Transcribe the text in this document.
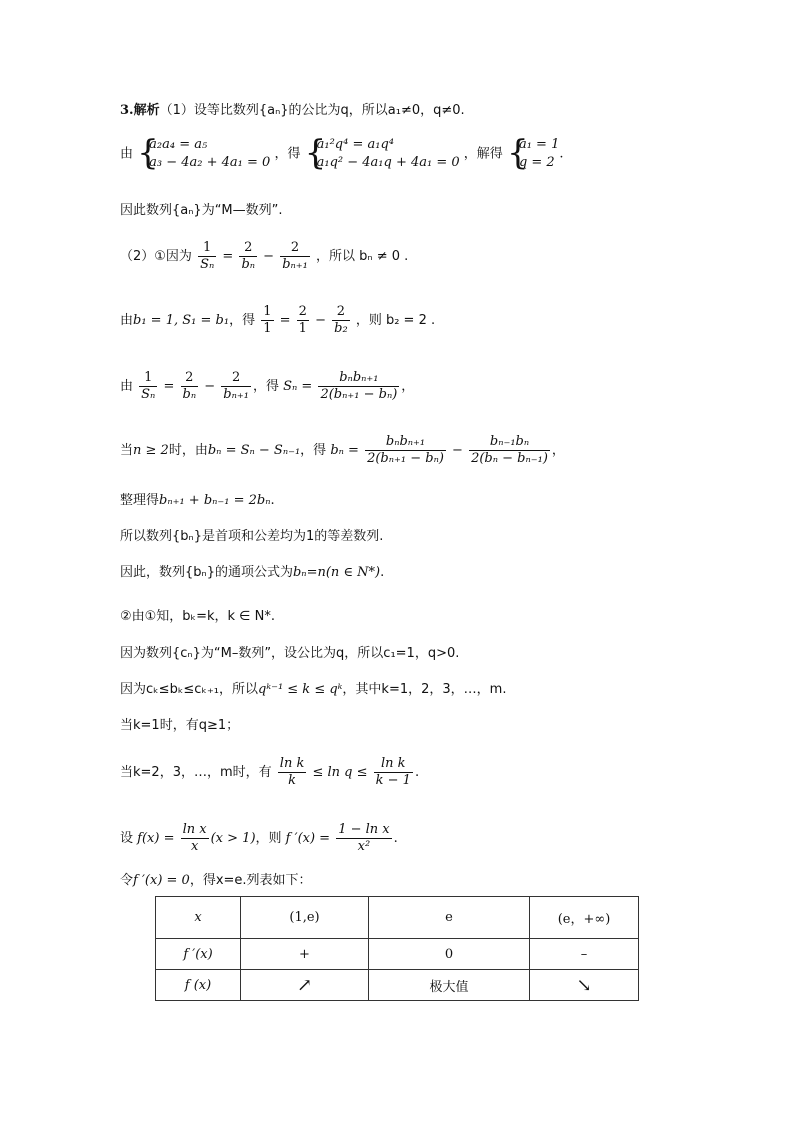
3.解析（1）设等比数列{aₙ}的公比为q，所以a₁≠0，q≠0.
由 {
a₂a₄ = a₅
a₃ − 4a₂ + 4a₁ = 0
，得 {
a₁²q⁴ = a₁q⁴
a₁q² − 4a₁q + 4a₁ = 0
，解得 {
a₁ = 1
q = 2
.
因此数列{aₙ}为“M—数列”.
（2）①因为 $\frac{1}{\text{Sₙ}} = \frac{2}{\text{bₙ}} - \frac{2}{\text{bₙ₊₁}}$ ，所以 bₙ ≠ 0 .
由b₁ = 1, S₁ = b₁，得 $\frac{1}{1} = \frac{2}{1} - \frac{2}{\text{b₂}}$ ，则 b₂ = 2 .
由 $\frac{1}{\text{Sₙ}} = \frac{2}{\text{bₙ}} - \frac{2}{\text{bₙ₊₁}}$ ，得 $S_n = \frac{\text{bₙbₙ₊₁}}{\text{2(bₙ₊₁ − bₙ)}}$ ，
当n ≥ 2时，由bₙ = Sₙ − Sₙ₋₁，得 $b_n = \frac{\text{bₙbₙ₊₁}}{\text{2(bₙ₊₁ − bₙ)}} - \frac{\text{bₙ₋₁bₙ}}{\text{2(bₙ − bₙ₋₁)}}$ ，
整理得bₙ₊₁ + bₙ₋₁ = 2bₙ.
所以数列{bₙ}是首项和公差均为1的等差数列.
因此，数列{bₙ}的通项公式为bₙ=n(n ∈ N*).
②由①知，bₖ=k，k ∈ N*.
因为数列{cₙ}为“M–数列”，设公比为q，所以c₁=1，q>0.
因为cₖ≤bₖ≤cₖ₊₁，所以qᵏ⁻¹ ≤ k ≤ qᵏ，其中k=1，2，3，…，m.
当k=1时，有q≥1；
当k=2，3，…，m时，有 $\frac{\text{ln k}}{k} \le \ln q \le \frac{\text{ln k}}{k - 1}$ .
设 $f(x) = \frac{\text{ln x}}{x} (x > 1)$，则 f $'(x) = \frac{\text{1 − ln x}}{\text{x²}}$ .
令f ′(x) = 0，得x=e.列表如下：
x	(1,e)	e	(e，+∞)
f ′(x)	+	0	–
f (x)	↗	极大值	↘
